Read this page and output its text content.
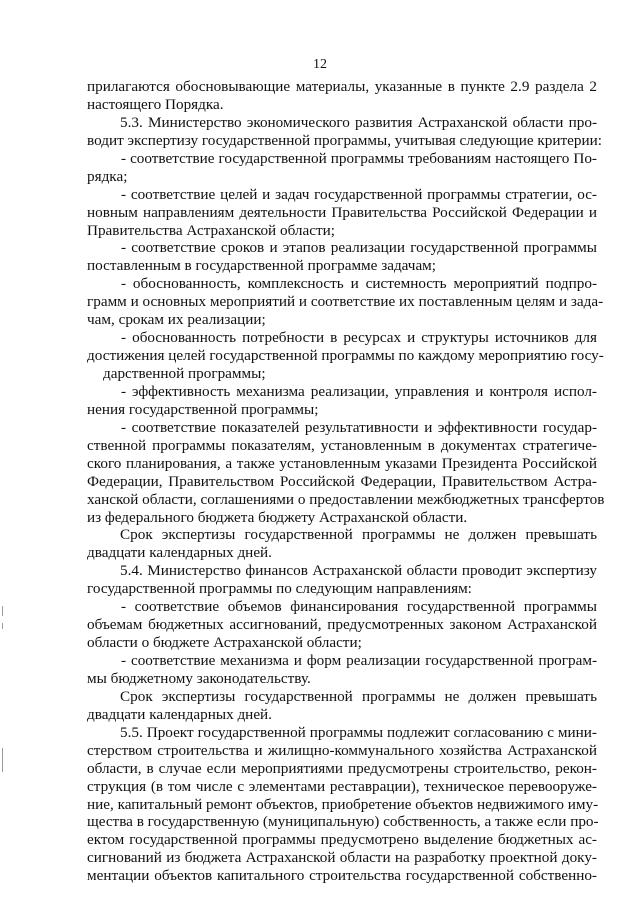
12
прилагаются обосновывающие материалы, указанные в пункте 2.9 раздела 2
настоящего Порядка.
5.3. Министерство экономического развития Астраханской области про-
водит экспертизу государственной программы, учитывая следующие критерии:
- соответствие государственной программы требованиям настоящего По-
рядка;
- соответствие целей и задач государственной программы стратегии, ос-
новным направлениям деятельности Правительства Российской Федерации и
Правительства Астраханской области;
- соответствие сроков и этапов реализации государственной программы
поставленным в государственной программе задачам;
- обоснованность, комплексность и системность мероприятий подпро-
грамм и основных мероприятий и соответствие их поставленным целям и зада-
чам, срокам их реализации;
- обоснованность потребности в ресурсах и структуры источников для
достижения целей государственной программы по каждому мероприятию госу-
дарственной программы;
- эффективность механизма реализации, управления и контроля испол-
нения государственной программы;
- соответствие показателей результативности и эффективности государ-
ственной программы показателям, установленным в документах стратегиче-
ского планирования, а также установленным указами Президента Российской
Федерации, Правительством Российской Федерации, Правительством Астра-
ханской области, соглашениями о предоставлении межбюджетных трансфертов
из федерального бюджета бюджету Астраханской области.
Срок экспертизы государственной программы не должен превышать
двадцати календарных дней.
5.4. Министерство финансов Астраханской области проводит экспертизу
государственной программы по следующим направлениям:
- соответствие объемов финансирования государственной программы
объемам бюджетных ассигнований, предусмотренных законом Астраханской
области о бюджете Астраханской области;
- соответствие механизма и форм реализации государственной програм-
мы бюджетному законодательству.
Срок экспертизы государственной программы не должен превышать
двадцати календарных дней.
5.5. Проект государственной программы подлежит согласованию с мини-
стерством строительства и жилищно-коммунального хозяйства Астраханской
области, в случае если мероприятиями предусмотрены строительство, рекон-
струкция (в том числе с элементами реставрации), техническое перевооруже-
ние, капитальный ремонт объектов, приобретение объектов недвижимого иму-
щества в государственную (муниципальную) собственность, а также если про-
ектом государственной программы предусмотрено выделение бюджетных ас-
сигнований из бюджета Астраханской области на разработку проектной доку-
ментации объектов капитального строительства государственной собственно-
